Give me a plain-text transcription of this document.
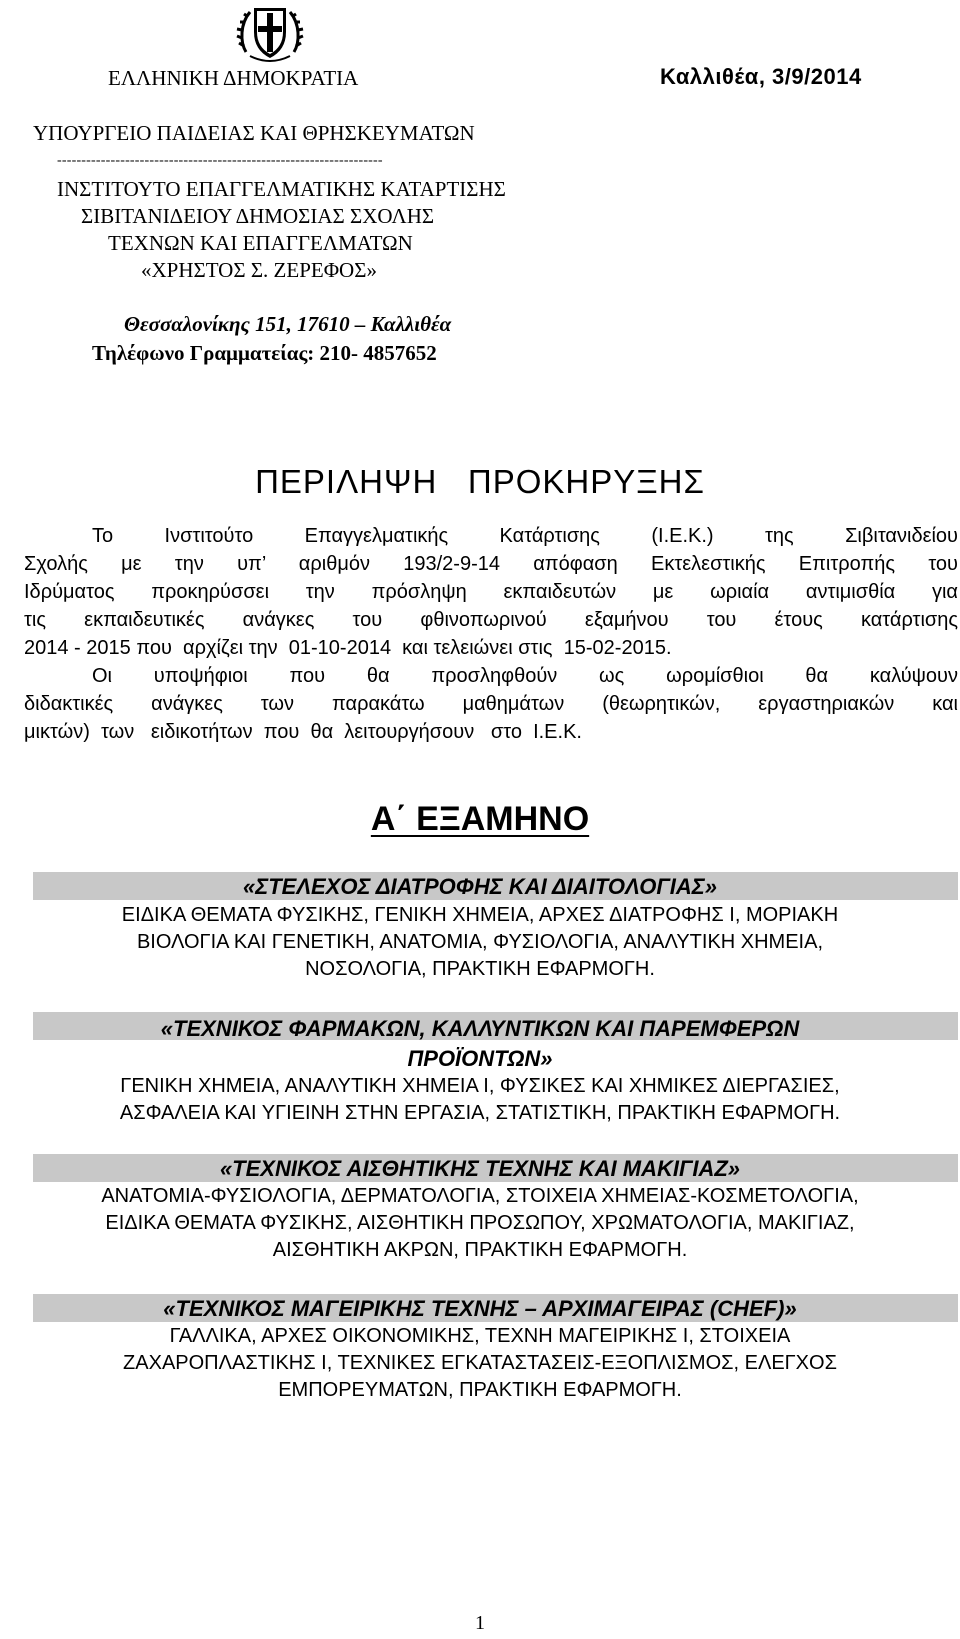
ΕΛΛΗΝΙΚΗ ΔΗΜΟΚΡΑΤΙΑ	Καλλιθέα, 3/9/2014
ΥΠΟΥΡΓΕΙΟ ΠΑΙΔΕΙΑΣ ΚΑΙ ΘΡΗΣΚΕΥΜΑΤΩΝ
-------------------------------------------------------------------
ΙΝΣΤΙΤΟΥΤΟ ΕΠΑΓΓΕΛΜΑΤΙΚΗΣ ΚΑΤΑΡΤΙΣΗΣ
ΣΙΒΙΤΑΝΙΔΕΙΟΥ ΔΗΜΟΣΙΑΣ ΣΧΟΛΗΣ
ΤΕΧΝΩΝ ΚΑΙ ΕΠΑΓΓΕΛΜΑΤΩΝ
«ΧΡΗΣΤΟΣ Σ. ΖΕΡΕΦΟΣ»
Θεσσαλονίκης 151, 17610 – Καλλιθέα
Τηλέφωνο Γραμματείας: 210- 4857652
ΠΕΡΙΛΗΨΗ   ΠΡΟΚΗΡΥΞΗΣ
Το Ινστιτούτο Επαγγελματικής Κατάρτισης (Ι.Ε.Κ.) της Σιβιτανιδείου
Σχολής με την υπ’ αριθμόν 193/2-9-14 απόφαση Εκτελεστικής Επιτροπής του
Ιδρύματος προκηρύσσει την πρόσληψη εκπαιδευτών με ωριαία αντιμισθία για
τις εκπαιδευτικές ανάγκες του φθινοπωρινού εξαμήνου του έτους κατάρτισης
2014 - 2015 που  αρχίζει την  01-10-2014  και τελειώνει στις  15-02-2015.
Οι υποψήφιοι που θα προσληφθούν ως ωρομίσθιοι θα καλύψουν
διδακτικές ανάγκες των παρακάτω μαθημάτων (θεωρητικών, εργαστηριακών και
μικτών)  των   ειδικοτήτων  που  θα  λειτουργήσουν   στο  Ι.Ε.Κ.
Α΄ ΕΞΑΜΗΝΟ
«ΣΤΕΛΕΧΟΣ ΔΙΑΤΡΟΦΗΣ ΚΑΙ ΔΙΑΙΤΟΛΟΓΙΑΣ»
ΕΙΔΙΚΑ ΘΕΜΑΤΑ ΦΥΣΙΚΗΣ, ΓΕΝΙΚΗ ΧΗΜΕΙΑ, ΑΡΧΕΣ ΔΙΑΤΡΟΦΗΣ Ι, ΜΟΡΙΑΚΗ
ΒΙΟΛΟΓΙΑ ΚΑΙ ΓΕΝΕΤΙΚΗ, ΑΝΑΤΟΜΙΑ, ΦΥΣΙΟΛΟΓΙΑ, ΑΝΑΛΥΤΙΚΗ ΧΗΜΕΙΑ,
ΝΟΣΟΛΟΓΙΑ, ΠΡΑΚΤΙΚΗ ΕΦΑΡΜΟΓΗ.
«ΤΕΧΝΙΚΟΣ ΦΑΡΜΑΚΩΝ, ΚΑΛΛΥΝΤΙΚΩΝ ΚΑΙ ΠΑΡΕΜΦΕΡΩΝ
ΠΡΟΪΟΝΤΩΝ»
ΓΕΝΙΚΗ ΧΗΜΕΙΑ, ΑΝΑΛΥΤΙΚΗ ΧΗΜΕΙΑ Ι, ΦΥΣΙΚΕΣ ΚΑΙ ΧΗΜΙΚΕΣ ΔΙΕΡΓΑΣΙΕΣ,
ΑΣΦΑΛΕΙΑ ΚΑΙ ΥΓΙΕΙΝΗ ΣΤΗΝ ΕΡΓΑΣΙΑ, ΣΤΑΤΙΣΤΙΚΗ, ΠΡΑΚΤΙΚΗ ΕΦΑΡΜΟΓΗ.
«ΤΕΧΝΙΚΟΣ ΑΙΣΘΗΤΙΚΗΣ ΤΕΧΝΗΣ ΚΑΙ ΜΑΚΙΓΙΑΖ»
ΑΝΑΤΟΜΙΑ-ΦΥΣΙΟΛΟΓΙΑ, ΔΕΡΜΑΤΟΛΟΓΙΑ, ΣΤΟΙΧΕΙΑ ΧΗΜΕΙΑΣ-ΚΟΣΜΕΤΟΛΟΓΙΑ,
ΕΙΔΙΚΑ ΘΕΜΑΤΑ ΦΥΣΙΚΗΣ, ΑΙΣΘΗΤΙΚΗ ΠΡΟΣΩΠΟΥ, ΧΡΩΜΑΤΟΛΟΓΙΑ, ΜΑΚΙΓΙΑΖ,
ΑΙΣΘΗΤΙΚΗ ΑΚΡΩΝ, ΠΡΑΚΤΙΚΗ ΕΦΑΡΜΟΓΗ.
«ΤΕΧΝΙΚΟΣ ΜΑΓΕΙΡΙΚΗΣ ΤΕΧΝΗΣ – ΑΡΧΙΜΑΓΕΙΡΑΣ (CHEF)»
ΓΑΛΛΙΚΑ, ΑΡΧΕΣ ΟΙΚΟΝΟΜΙΚΗΣ, ΤΕΧΝΗ ΜΑΓΕΙΡΙΚΗΣ Ι, ΣΤΟΙΧΕΙΑ
ΖΑΧΑΡΟΠΛΑΣΤΙΚΗΣ Ι, ΤΕΧΝΙΚΕΣ ΕΓΚΑΤΑΣΤΑΣΕΙΣ-ΕΞΟΠΛΙΣΜΟΣ, ΕΛΕΓΧΟΣ
ΕΜΠΟΡΕΥΜΑΤΩΝ, ΠΡΑΚΤΙΚΗ ΕΦΑΡΜΟΓΗ.
1
